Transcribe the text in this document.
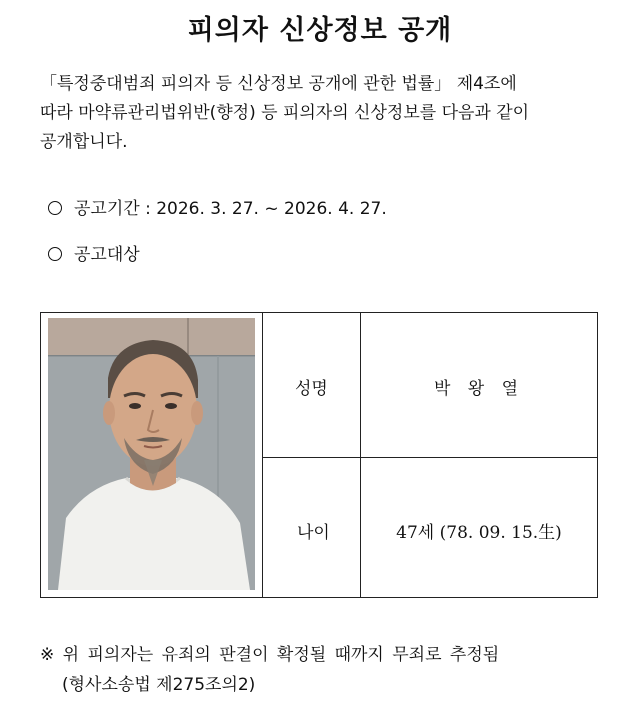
피의자 신상정보 공개
「특정중대범죄 피의자 등 신상정보 공개에 관한 법률」 제4조에
따라 마약류관리법위반(향정) 등 피의자의 신상정보를 다음과 같이
공개합니다.
공고기간 : 2026. 3. 27. ~ 2026. 4. 27.
공고대상
성명	박 왕 열
나이	47세 (78. 09. 15.生)
※ 위 피의자는 유죄의 판결이 확정될 때까지 무죄로 추정됨
(형사소송법 제275조의2)
